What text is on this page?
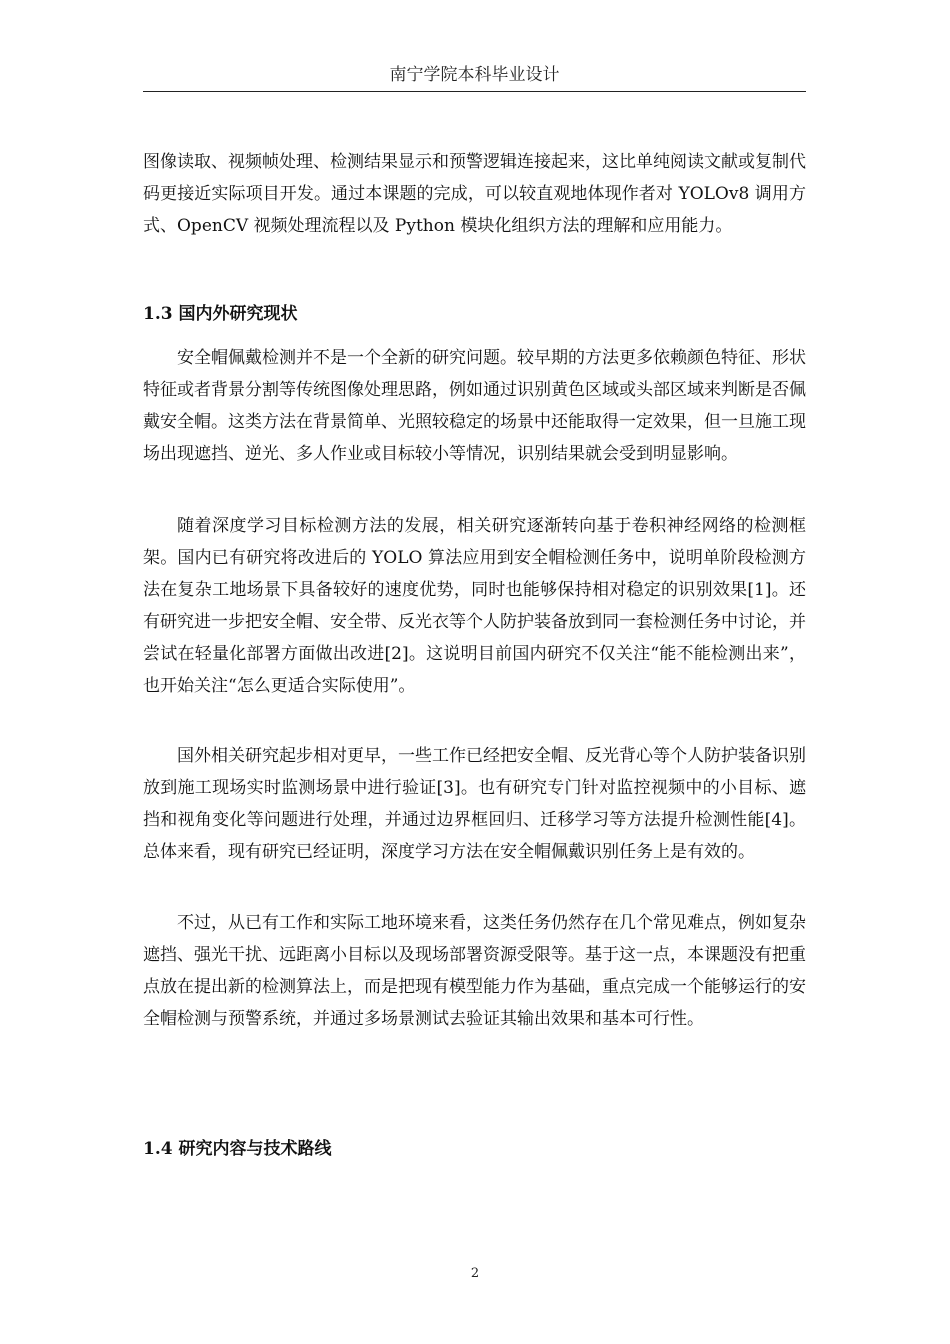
南宁学院本科毕业设计

图像读取、视频帧处理、检测结果显示和预警逻辑连接起来，这比单纯阅读文献或复制代码更接近实际项目开发。通过本课题的完成，可以较直观地体现作者对 YOLOv8 调用方式、OpenCV 视频处理流程以及 Python 模块化组织方法的理解和应用能力。

1.3 国内外研究现状

安全帽佩戴检测并不是一个全新的研究问题。较早期的方法更多依赖颜色特征、形状特征或者背景分割等传统图像处理思路，例如通过识别黄色区域或头部区域来判断是否佩戴安全帽。这类方法在背景简单、光照较稳定的场景中还能取得一定效果，但一旦施工现场出现遮挡、逆光、多人作业或目标较小等情况，识别结果就会受到明显影响。

随着深度学习目标检测方法的发展，相关研究逐渐转向基于卷积神经网络的检测框架。国内已有研究将改进后的 YOLO 算法应用到安全帽检测任务中，说明单阶段检测方法在复杂工地场景下具备较好的速度优势，同时也能够保持相对稳定的识别效果[1]。还有研究进一步把安全帽、安全带、反光衣等个人防护装备放到同一套检测任务中讨论，并尝试在轻量化部署方面做出改进[2]。这说明目前国内研究不仅关注“能不能检测出来”，也开始关注“怎么更适合实际使用”。

国外相关研究起步相对更早，一些工作已经把安全帽、反光背心等个人防护装备识别放到施工现场实时监测场景中进行验证[3]。也有研究专门针对监控视频中的小目标、遮挡和视角变化等问题进行处理，并通过边界框回归、迁移学习等方法提升检测性能[4]。总体来看，现有研究已经证明，深度学习方法在安全帽佩戴识别任务上是有效的。

不过，从已有工作和实际工地环境来看，这类任务仍然存在几个常见难点，例如复杂遮挡、强光干扰、远距离小目标以及现场部署资源受限等。基于这一点，本课题没有把重点放在提出新的检测算法上，而是把现有模型能力作为基础，重点完成一个能够运行的安全帽检测与预警系统，并通过多场景测试去验证其输出效果和基本可行性。

1.4 研究内容与技术路线
2
